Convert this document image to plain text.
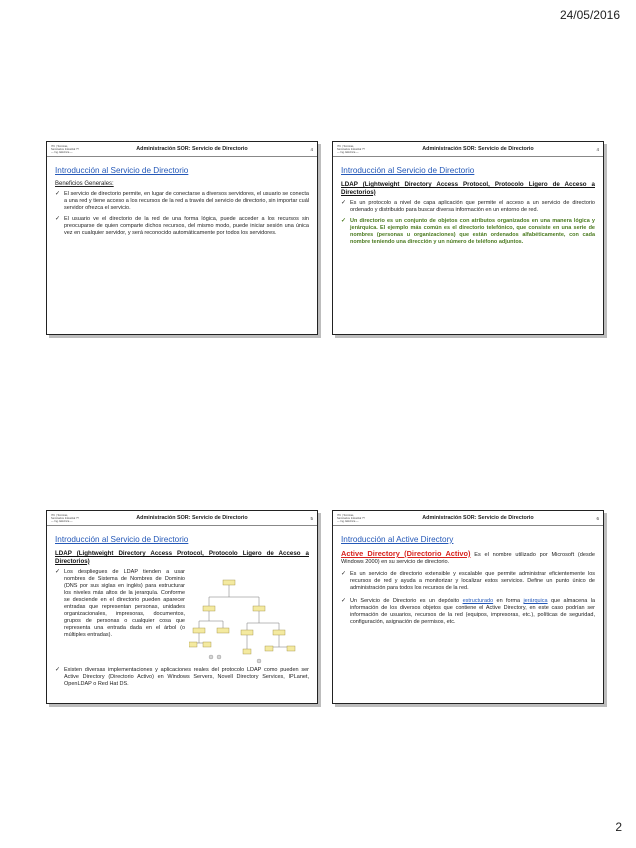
24/05/2016
ITC | Tecnicas, Seminarios Industrial ??
— Ing. Eléctrica —	Administración SOR: Servicio de Directorio	4
Introducción al Servicio de Directorio
Beneficios Generales:
✓ El servicio de directorio permite, en lugar de conectarse a diversos servidores, el usuario se conecta a una red y tiene acceso a los recursos de la red a través del servicio de directorio, sin importar cuál servidor ofrezca el servicio.
✓ El usuario ve el directorio de la red de una forma lógica, puede acceder a los recursos sin preocuparse de quien comparte dichos recursos, del mismo modo, puede iniciar sesión una única vez en cualquier servidor, y será reconocido automáticamente por todos los servidores.
ITC | Tecnicas, Seminarios Industrial ??
— Ing. Eléctrica —	Administración SOR: Servicio de Directorio	4
Introducción al Servicio de Directorio
LDAP (Lightweight Directory Access Protocol, Protocolo Ligero de Acceso a Directorios)
✓ Es un protocolo a nivel de capa aplicación que permite el acceso a un servicio de directorio ordenado y distribuido para buscar diversa información en un entorno de red.
✓ Un directorio es un conjunto de objetos con atributos organizados en una manera lógica y jerárquica. El ejemplo más común es el directorio telefónico, que consiste en una serie de nombres (personas u organizaciones) que están ordenados alfabéticamente, con cada nombre teniendo una dirección y un número de teléfono adjuntos.
ITC | Tecnicas, Seminarios Industrial ??
— Ing. Eléctrica —	Administración SOR: Servicio de Directorio	5
Introducción al Servicio de Directorio
LDAP (Lightweight Directory Access Protocol, Protocolo Ligero de Acceso a Directorios)
✓ Los despliegues de LDAP tienden a usar nombres de Sistema de Nombres de Dominio (DNS por sus siglas en inglés) para estructurar los niveles más altos de la jerarquía. Conforme se desciende en el directorio pueden aparecer entradas que representan personas, unidades organizacionales, impresoras, documentos, grupos de personas o cualquier cosa que representa una entrada dada en el árbol (o múltiples entradas).
✓ Existen diversas implementaciones y aplicaciones reales del protocolo LDAP como pueden ser Active Directory (Directorio Activo) en Windows Servers, Novell Directory Services, IPLanet, OpenLDAP o Red Hat DS.
ITC | Tecnicas, Seminarios Industrial ??
— Ing. Eléctrica —	Administración SOR: Servicio de Directorio	6
Introducción al Active Directory
Active Directory (Directorio Activo) Es el nombre utilizado por Microsoft (desde Windows 2000) en su servicio de directorio.
✓ Es un servicio de directorio extensible y escalable que permite administrar eficientemente los recursos de red y ayuda a monitorizar y localizar estos servicios. Define un punto único de administración para todos los recursos de la red.
✓ Un Servicio de Directorio es un depósito estructurado en forma jerárquica que almacena la información de los diversos objetos que contiene el Active Directory, en este caso podrían ser información de usuarios, recursos de la red (equipos, impresoras, etc.), políticas de seguridad, configuración, asignación de permisos, etc.
2
